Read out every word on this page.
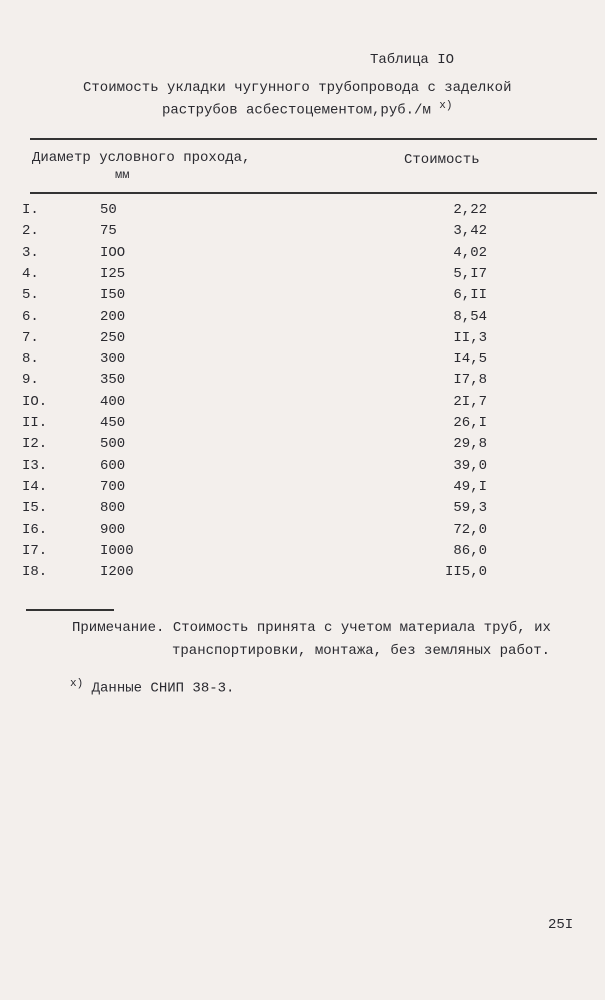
Таблица IO
Стоимость укладки чугунного трубопровода с заделкой
раструбов асбестоцементом,руб./м $^{x)}$
Диаметр условного прохода,
мм
Стоимость
I.	50	2,22
2.	75	3,42
3.	IOO	4,02
4.	I25	5,I7
5.	I50	6,II
6.	200	8,54
7.	250	II,3
8.	300	I4,5
9.	350	I7,8
IO.	400	2I,7
II.	450	26,I
I2.	500	29,8
I3.	600	39,0
I4.	700	49,I
I5.	800	59,3
I6.	900	72,0
I7.	I000	86,0
I8.	I200	II5,0
Примечание. Стоимость принята с учетом материала труб, их
транспортировки, монтажа, без земляных работ.
$^{x)}$ Данные СНИП 38-3.
25I
